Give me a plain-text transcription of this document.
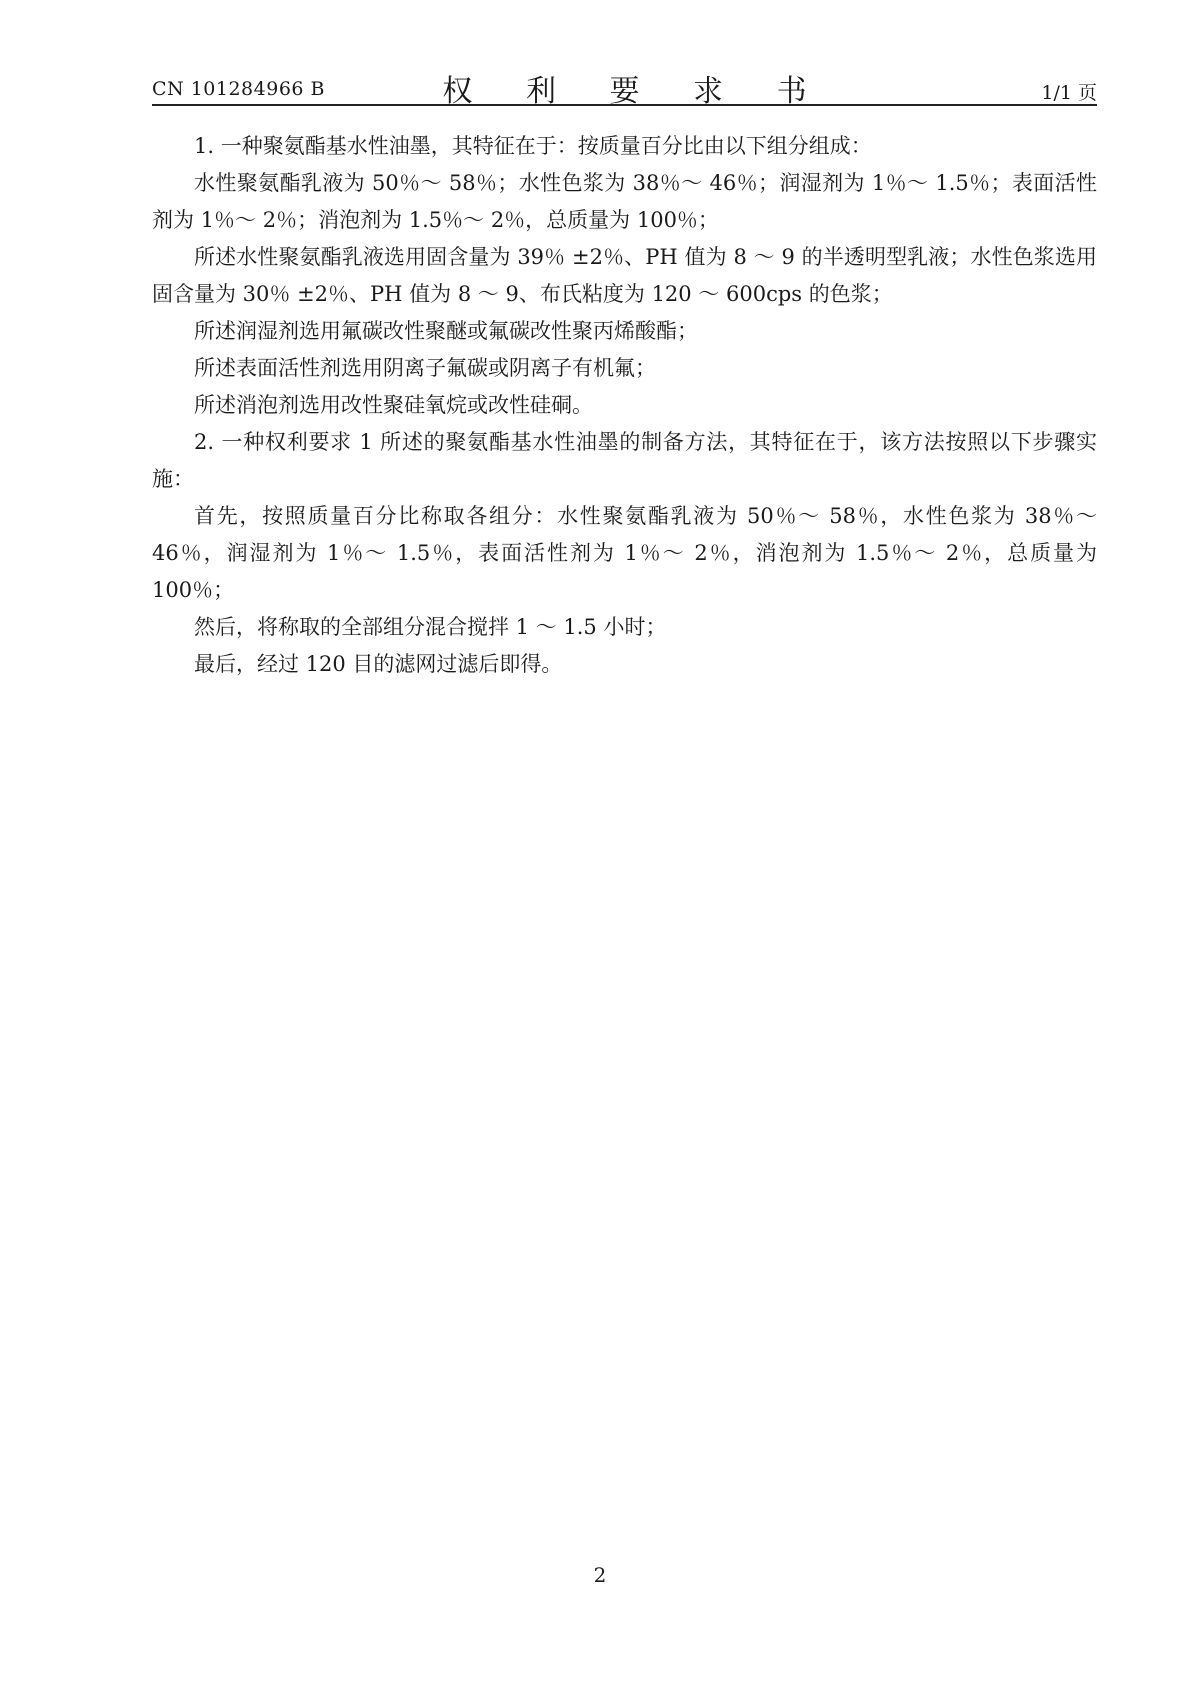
CN 101284966 B	权 利 要 求 书	1/1 页

1. 一种聚氨酯基水性油墨，其特征在于：按质量百分比由以下组分组成：

水性聚氨酯乳液为 50％～ 58％；水性色浆为 38％～ 46％；润湿剂为 1％～ 1.5％；表面活性剂为 1％～ 2％；消泡剂为 1.5％～ 2％，总质量为 100％；

所述水性聚氨酯乳液选用固含量为 39％ ±2％、PH 值为 8 ～ 9 的半透明型乳液；水性色浆选用固含量为 30％ ±2％、PH 值为 8 ～ 9、布氏粘度为 120 ～ 600cps 的色浆；

所述润湿剂选用氟碳改性聚醚或氟碳改性聚丙烯酸酯；

所述表面活性剂选用阴离子氟碳或阴离子有机氟；

所述消泡剂选用改性聚硅氧烷或改性硅硐。

2. 一种权利要求 1 所述的聚氨酯基水性油墨的制备方法，其特征在于，该方法按照以下步骤实施：

首先，按照质量百分比称取各组分：水性聚氨酯乳液为 50％～ 58％，水性色浆为 38％～ 46％，润湿剂为 1％～ 1.5％，表面活性剂为 1％～ 2％，消泡剂为 1.5％～ 2％，总质量为 100％；

然后，将称取的全部组分混合搅拌 1 ～ 1.5 小时；

最后，经过 120 目的滤网过滤后即得。

2
